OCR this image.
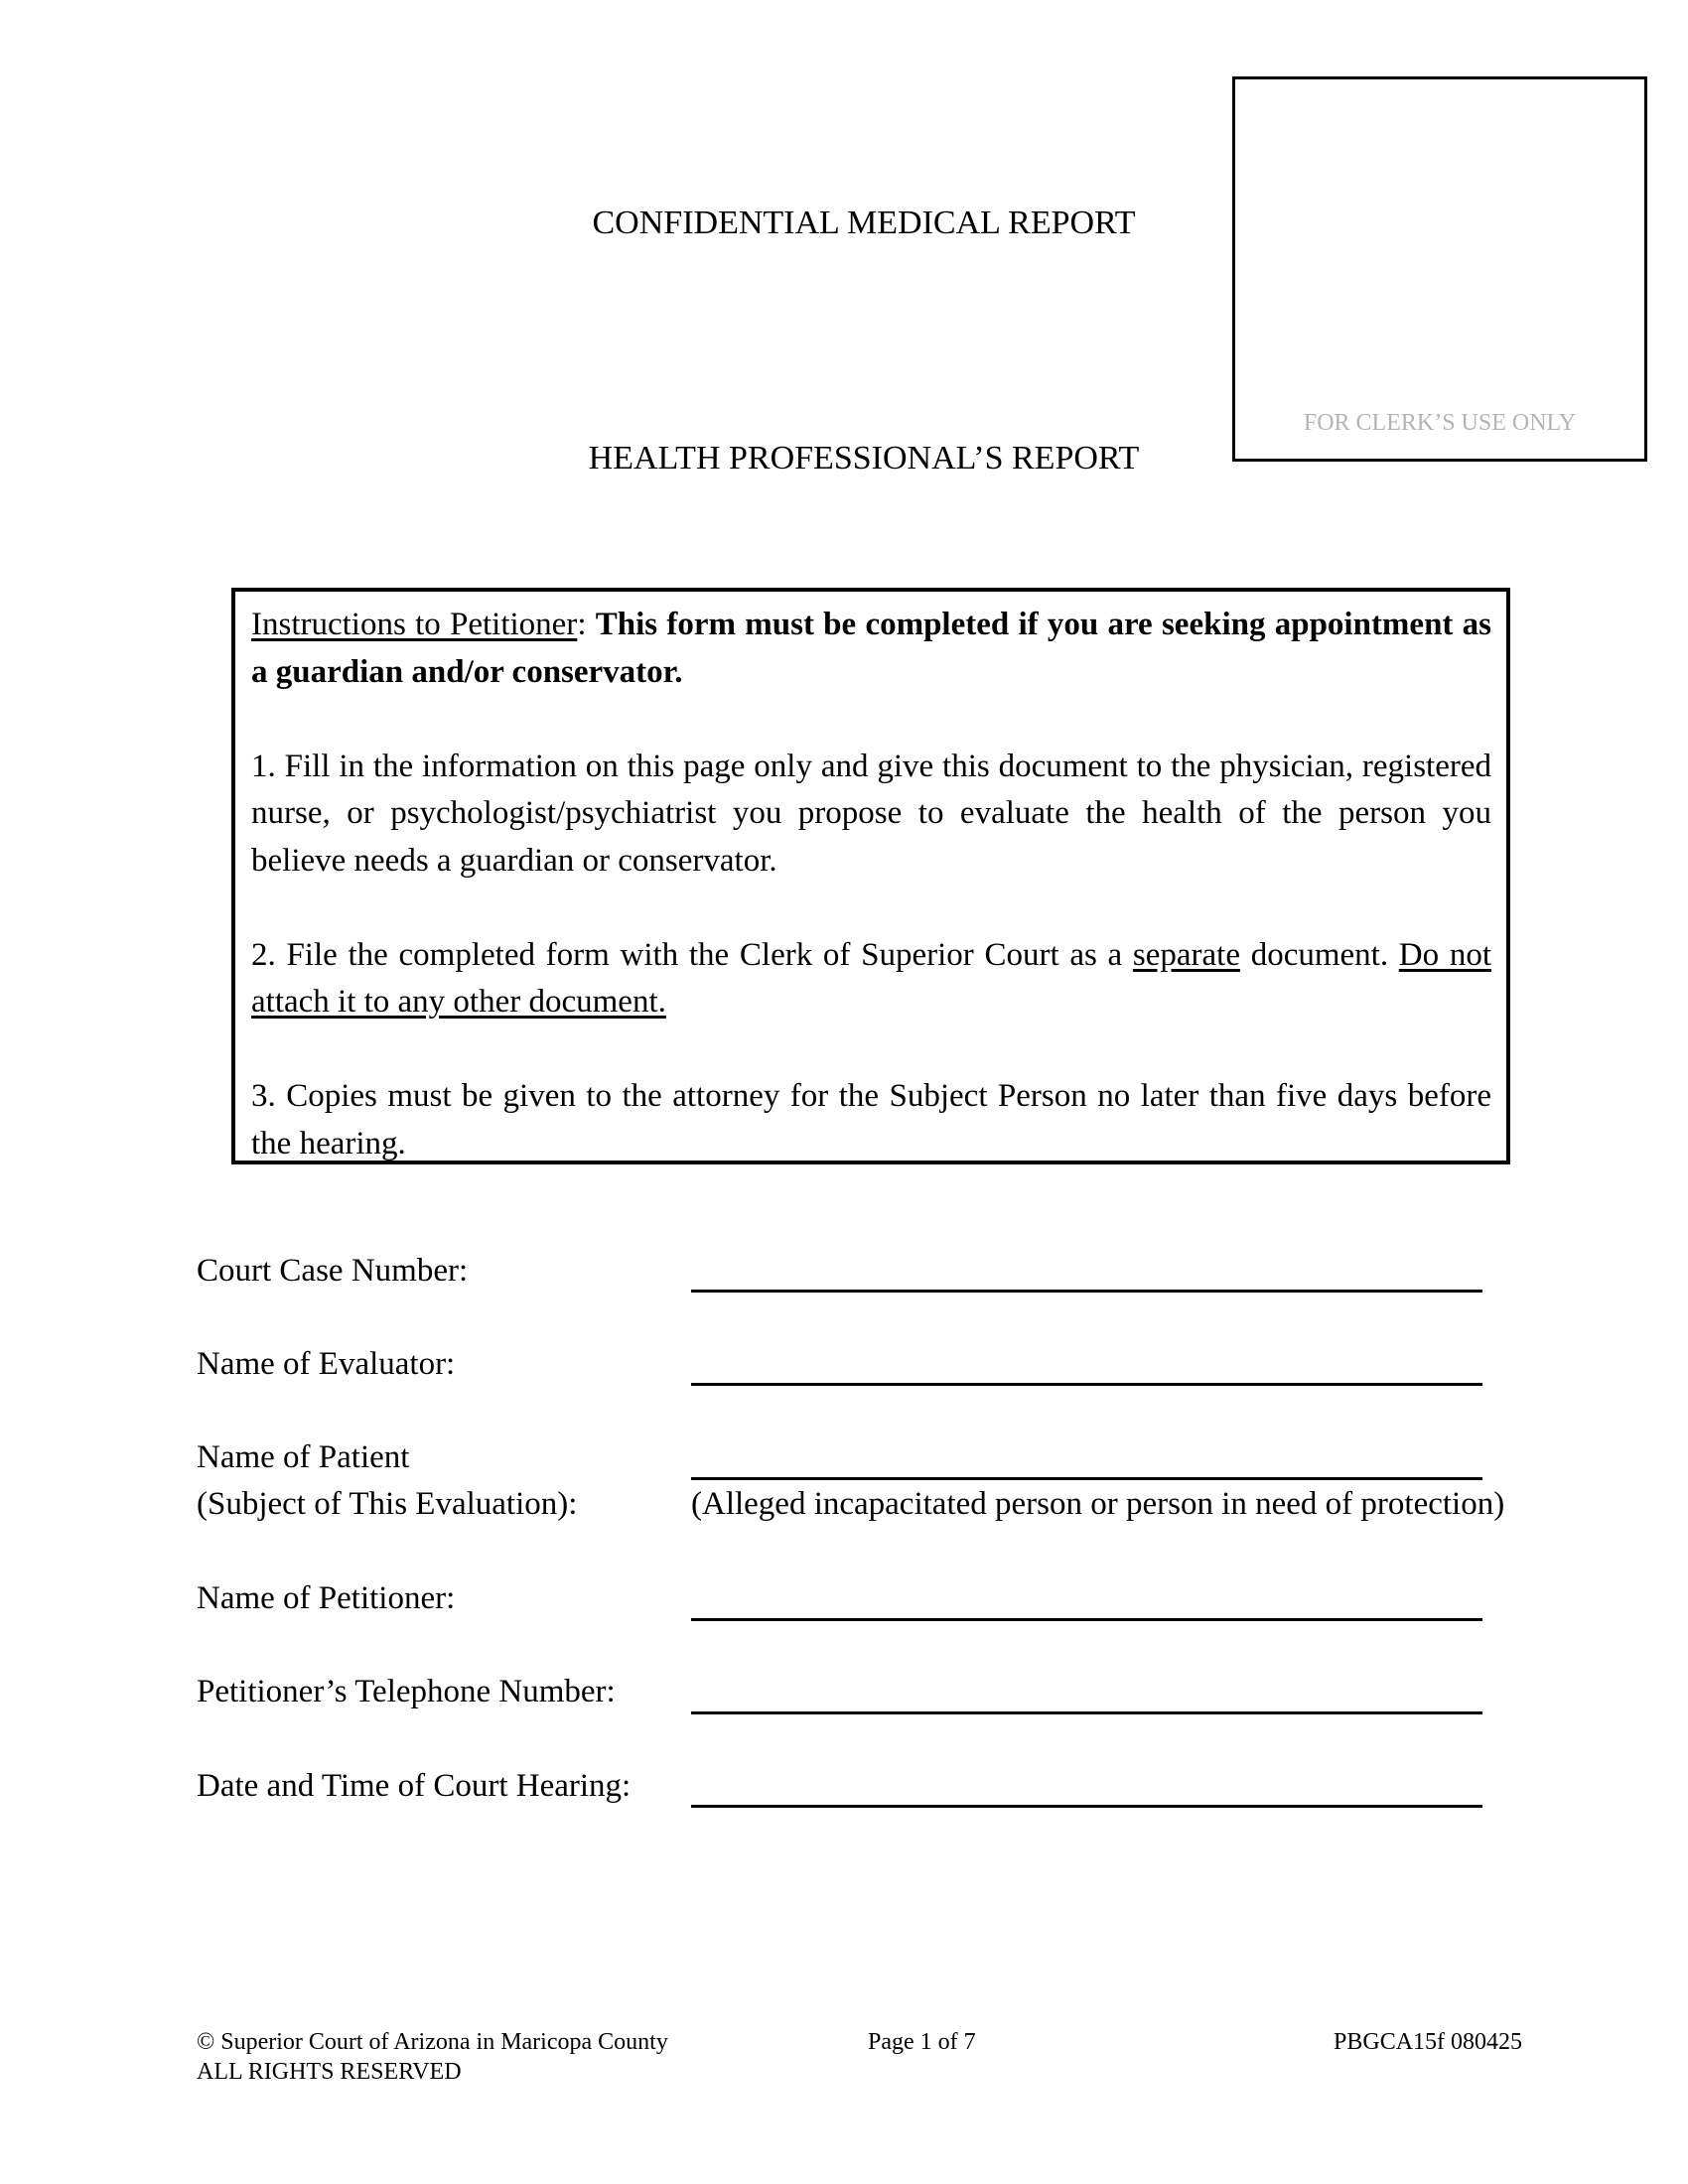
CONFIDENTIAL MEDICAL REPORT
HEALTH PROFESSIONAL’S REPORT
FOR CLERK’S USE ONLY

Instructions to Petitioner: This form must be completed if you are seeking appointment as a guardian and/or conservator.

1. Fill in the information on this page only and give this document to the physician, registered nurse, or psychologist/psychiatrist you propose to evaluate the health of the person you believe needs a guardian or conservator.

2. File the completed form with the Clerk of Superior Court as a separate document. Do not attach it to any other document.

3. Copies must be given to the attorney for the Subject Person no later than five days before the hearing.

Court Case Number:
Name of Evaluator:
Name of Patient
(Subject of This Evaluation):	(Alleged incapacitated person or person in need of protection)
Name of Petitioner:
Petitioner’s Telephone Number:
Date and Time of Court Hearing:
© Superior Court of Arizona in Maricopa County
ALL RIGHTS RESERVED
Page 1 of 7	PBGCA15f 080425
